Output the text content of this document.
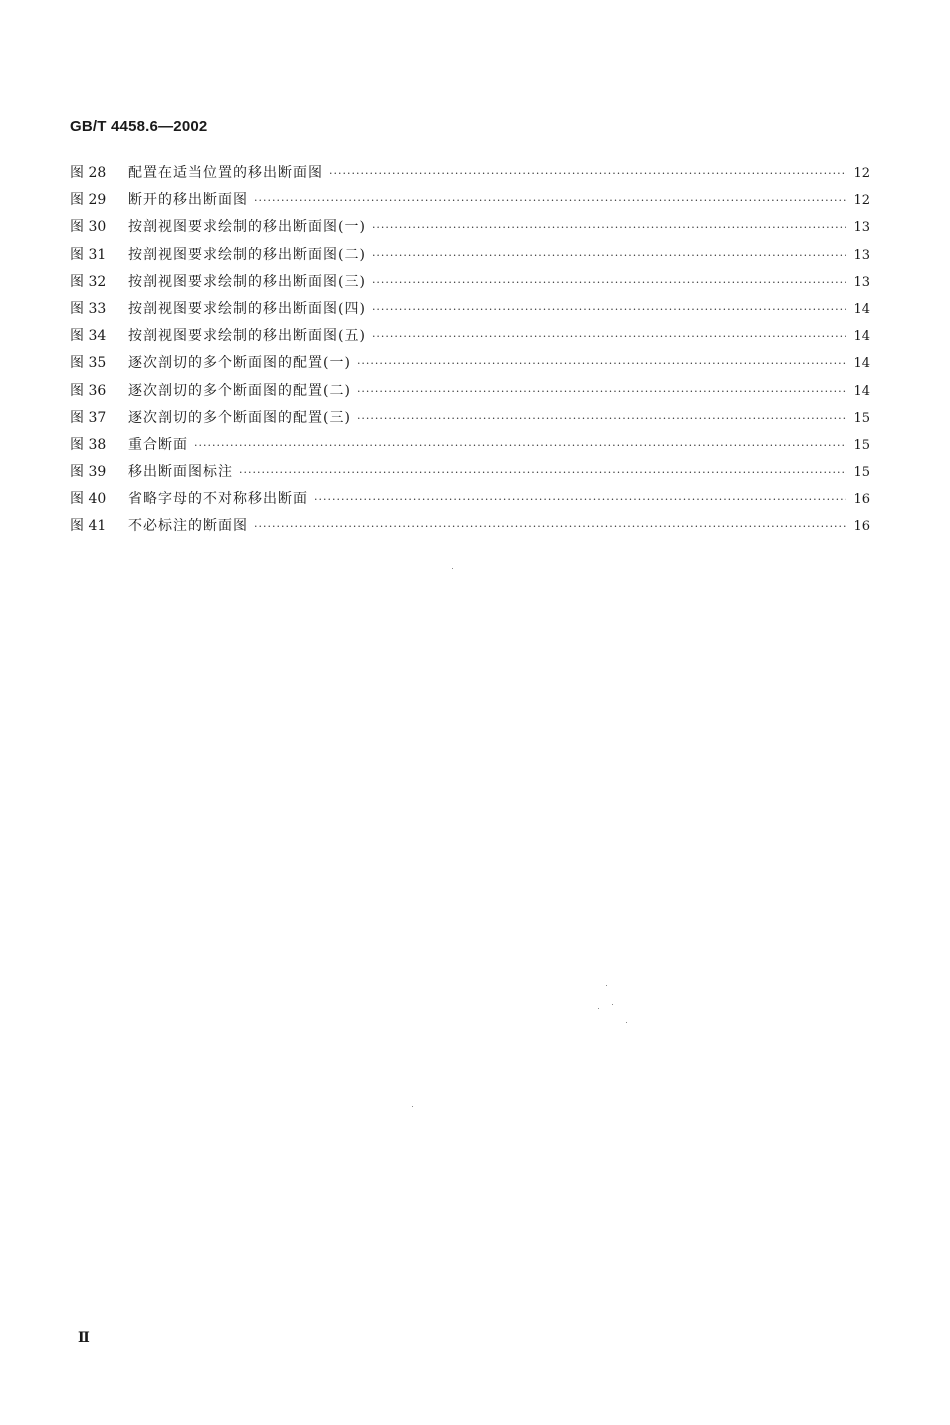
GB/T 4458.6—2002
图 28	配置在适当位置的移出断面图 ·····	12
图 29	断开的移出断面图 ·····	12
图 30	按剖视图要求绘制的移出断面图(一) ·····	13
图 31	按剖视图要求绘制的移出断面图(二) ·····	13
图 32	按剖视图要求绘制的移出断面图(三) ·····	13
图 33	按剖视图要求绘制的移出断面图(四) ·····	14
图 34	按剖视图要求绘制的移出断面图(五) ·····	14
图 35	逐次剖切的多个断面图的配置(一) ·····	14
图 36	逐次剖切的多个断面图的配置(二) ·····	14
图 37	逐次剖切的多个断面图的配置(三) ·····	15
图 38	重合断面 ·····	15
图 39	移出断面图标注 ·····	15
图 40	省略字母的不对称移出断面 ·····	16
图 41	不必标注的断面图 ·····	16
Ⅱ
